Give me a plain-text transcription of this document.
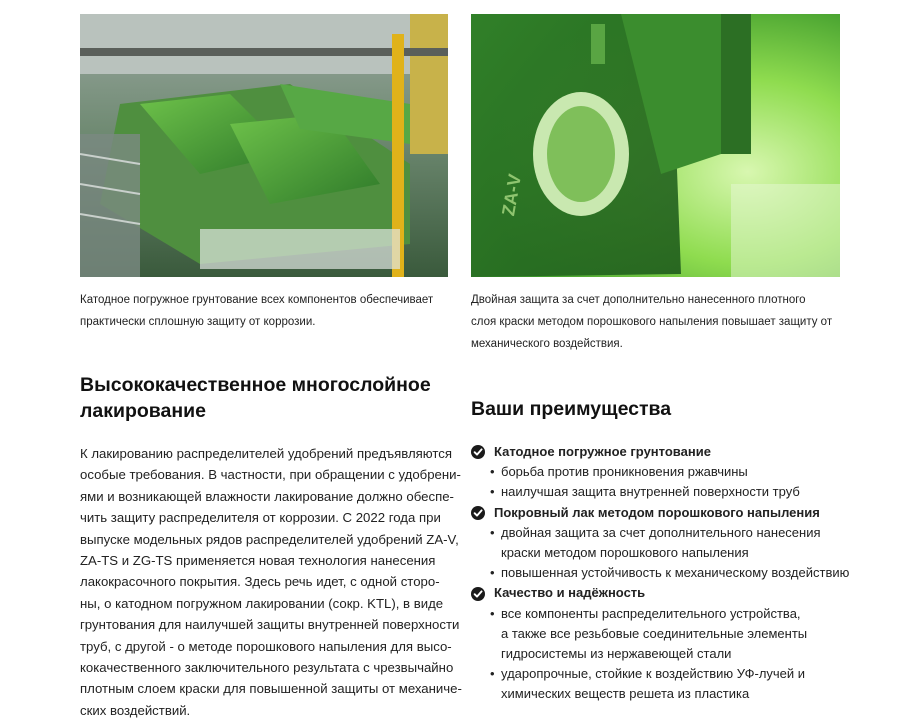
ZA-V
Катодное погружное грунтование всех компонентов обеспечивает
практически сплошную защиту от коррозии.
Двойная защита за счет дополнительно нанесенного плотного
слоя краски методом порошкового напыления повышает защиту от
механического воздействия.
Высококачественное многослойное
лакирование
К лакированию распределителей удобрений предъявляются
особые требования. В частности, при обращении с удобрени-
ями и возникающей влажности лакирование должно обеспе-
чить защиту распределителя от коррозии. С 2022 года при
выпуске модельных рядов распределителей удобрений ZA-V,
ZA-TS и ZG-TS применяется новая технология нанесения
лакокрасочного покрытия. Здесь речь идет, с одной сторо-
ны, о катодном погружном лакировании (сокр. KTL), в виде
грунтования для наилучшей защиты внутренней поверхности
труб, с другой - о методе порошкового напыления для высо-
кокачественного заключительного результата с чрезвычайно
плотным слоем краски для повышенной защиты от механиче-
ских воздействий.
Ваши преимущества
Катодное погружное грунтование
• борьба против проникновения ржавчины
• наилучшая защита внутренней поверхности труб
Покровный лак методом порошкового напыления
• двойная защита за счет дополнительного нанесения
краски методом порошкового напыления
• повышенная устойчивость к механическому воздействию
Качество и надёжность
• все компоненты распределительного устройства,
а также все резьбовые соединительные элементы
гидросистемы из нержавеющей стали
• ударопрочные, стойкие к воздействию УФ-лучей и
химических веществ решета из пластика
